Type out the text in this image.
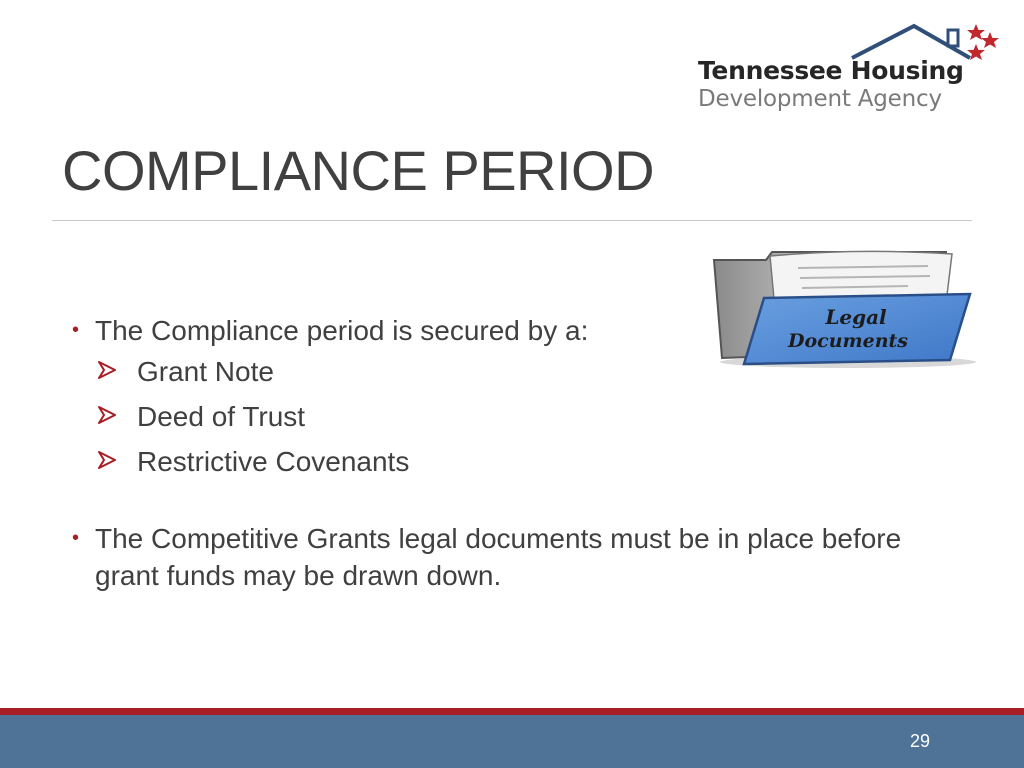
Tennessee Housing
Development Agency
COMPLIANCE PERIOD
Legal
Documents
• The Compliance period is secured by a:
Grant Note
Deed of Trust
Restrictive Covenants
• The Competitive Grants legal documents must be in place before grant funds may be drawn down.
29
